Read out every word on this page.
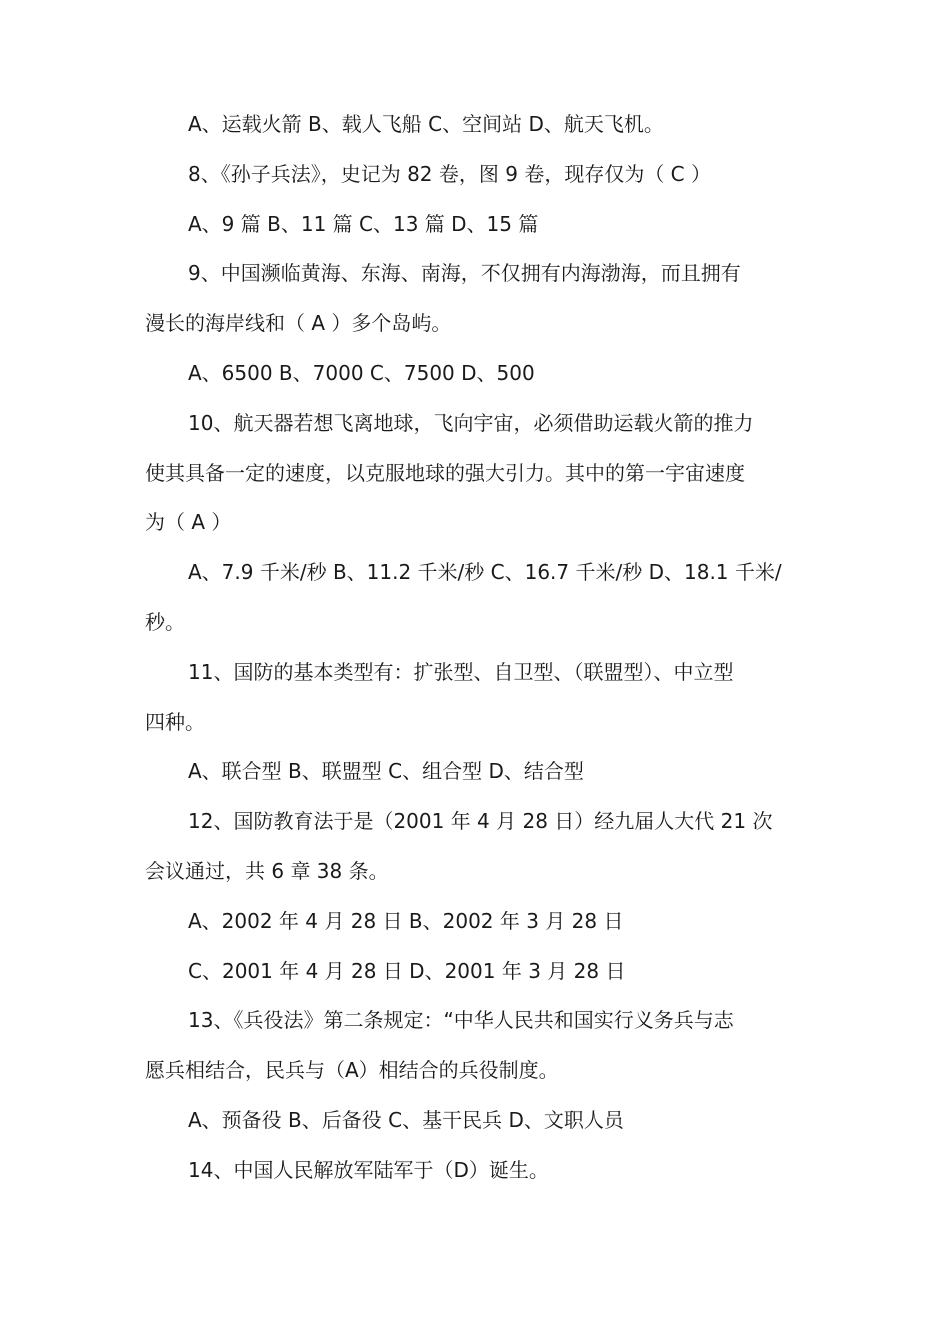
A、运载火箭 B、载人飞船 C、空间站 D、航天飞机。
8、《孙子兵法》，史记为 82 卷，图 9 卷，现存仅为（ C ）
A、9 篇 B、11 篇 C、13 篇 D、15 篇
9、中国濒临黄海、东海、南海，不仅拥有内海渤海，而且拥有
漫长的海岸线和（ A ）多个岛屿。
A、6500 B、7000 C、7500 D、500
10、航天器若想飞离地球，飞向宇宙，必须借助运载火箭的推力
使其具备一定的速度，以克服地球的强大引力。其中的第一宇宙速度
为（ A ）
A、7.9 千米/秒 B、11.2 千米/秒 C、16.7 千米/秒 D、18.1 千米/
秒。
11、国防的基本类型有：扩张型、自卫型、（联盟型）、中立型
四种。
A、联合型 B、联盟型 C、组合型 D、结合型
12、国防教育法于是（2001 年 4 月 28 日）经九届人大代 21 次
会议通过，共 6 章 38 条。
A、2002 年 4 月 28 日 B、2002 年 3 月 28 日
C、2001 年 4 月 28 日 D、2001 年 3 月 28 日
13、《兵役法》第二条规定：“中华人民共和国实行义务兵与志
愿兵相结合，民兵与（A）相结合的兵役制度。
A、预备役 B、后备役 C、基干民兵 D、文职人员
14、中国人民解放军陆军于（D）诞生。
